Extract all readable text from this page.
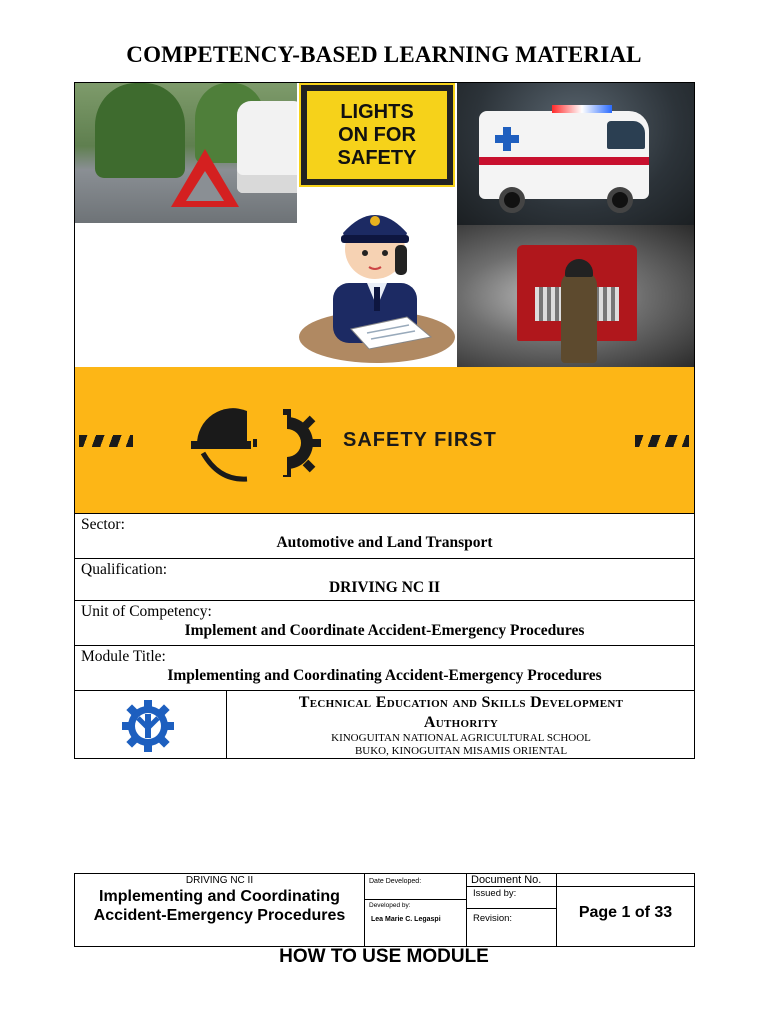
COMPETENCY-BASED LEARNING MATERIAL
LIGHTS
ON FOR
SAFETY
SAFETY FIRST
Sector:
Automotive and Land Transport
Qualification:
DRIVING NC II
Unit of Competency:
Implement and Coordinate Accident-Emergency Procedures
Module Title:
Implementing and Coordinating Accident-Emergency Procedures
Technical Education and Skills Development
Authority
KINOGUITAN NATIONAL AGRICULTURAL SCHOOL
BUKO, KINOGUITAN MISAMIS ORIENTAL
DRIVING NC II
Implementing and Coordinating Accident-Emergency Procedures
Date Developed:
Developed by:
Lea Marie C. Legaspi
Issued by:
Revision:
Document No.
Page 1 of 33
HOW TO USE MODULE
